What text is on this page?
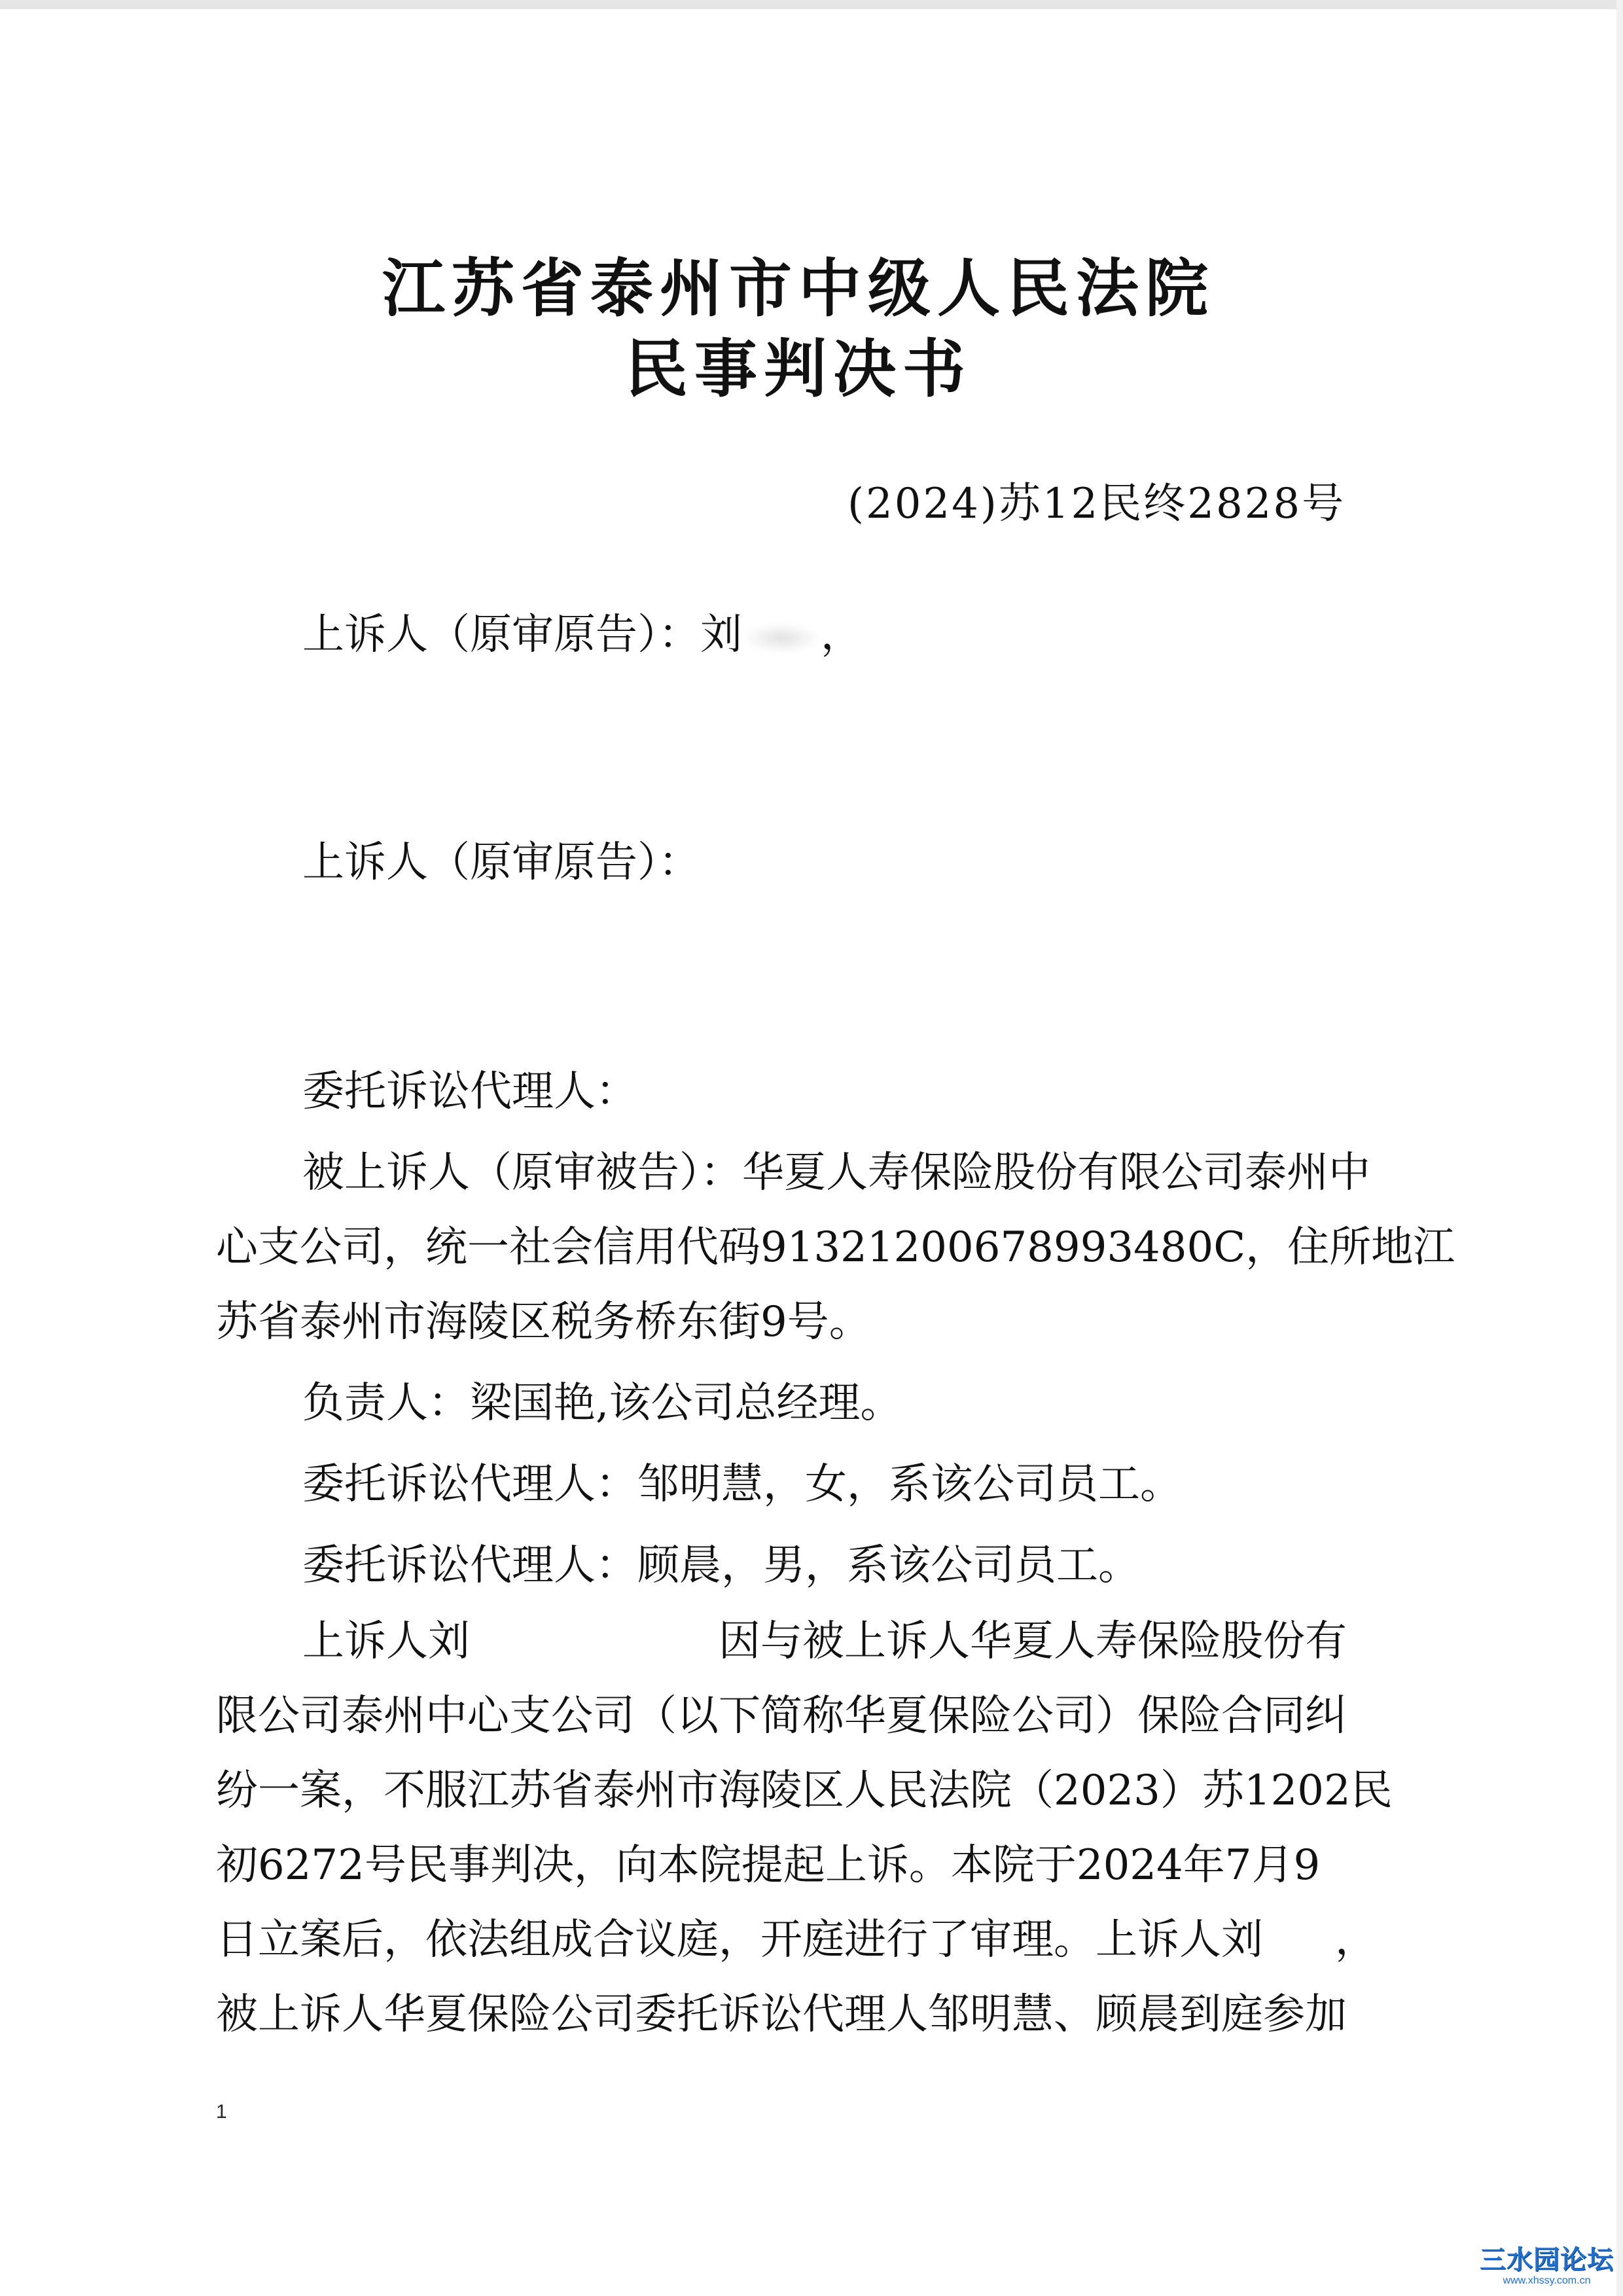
江苏省泰州市中级人民法院
民事判决书
(2024)苏12民终2828号
上诉人（原审原告）：刘 ，
上诉人（原审原告）：
委托诉讼代理人：
被上诉人（原审被告）：华夏人寿保险股份有限公司泰州中
心支公司，统一社会信用代码91321200678993480C，住所地江
苏省泰州市海陵区税务桥东街9号。
负责人：梁国艳,该公司总经理。
委托诉讼代理人：邹明慧，女，系该公司员工。
委托诉讼代理人：顾晨，男，系该公司员工。
上诉人刘	因与被上诉人华夏人寿保险股份有
限公司泰州中心支公司（以下简称华夏保险公司）保险合同纠
纷一案，不服江苏省泰州市海陵区人民法院（2023）苏1202民
初6272号民事判决，向本院提起上诉。本院于2024年7月9
日立案后，依法组成合议庭，开庭进行了审理。上诉人刘 ，
被上诉人华夏保险公司委托诉讼代理人邹明慧、顾晨到庭参加
1
三水园论坛
www.xhssy.com.cn
